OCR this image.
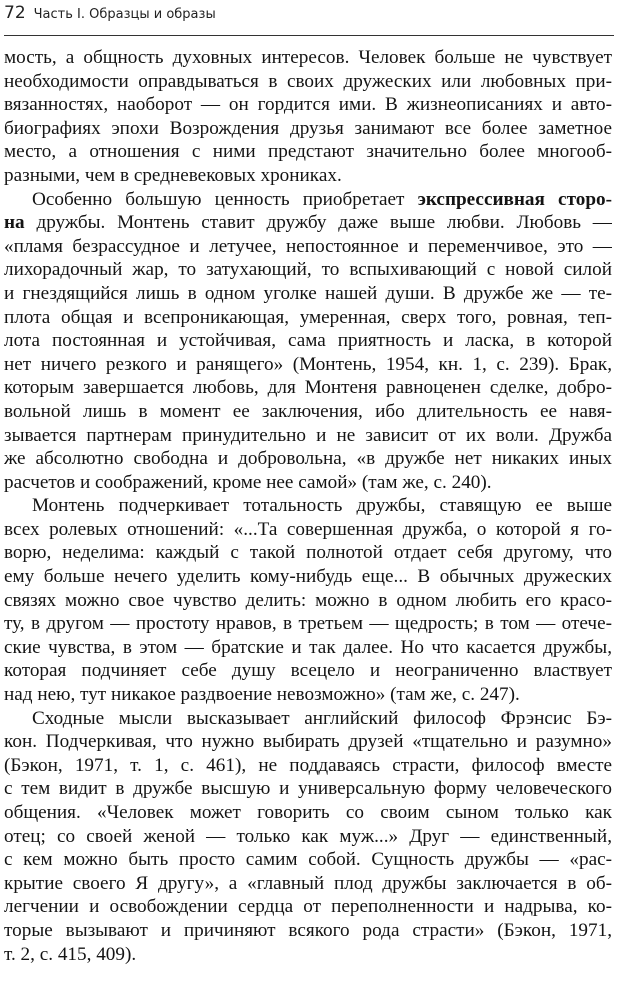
72 Часть I. Образцы и образы

мость, а общность духовных интересов. Человек больше не чувствует
необходимости оправдываться в своих дружеских или любовных при-
вязанностях, наоборот — он гордится ими. В жизнеописаниях и авто-
биографиях эпохи Возрождения друзья занимают все более заметное
место, а отношения с ними предстают значительно более многооб-
разными, чем в средневековых хрониках.

Особенно большую ценность приобретает экспрессивная сторо-
на дружбы. Монтень ставит дружбу даже выше любви. Любовь —
«пламя безрассудное и летучее, непостоянное и переменчивое, это —
лихорадочный жар, то затухающий, то вспыхивающий с новой силой
и гнездящийся лишь в одном уголке нашей души. В дружбе же — те-
плота общая и всепроникающая, умеренная, сверх того, ровная, теп-
лота постоянная и устойчивая, сама приятность и ласка, в которой
нет ничего резкого и ранящего» (Монтень, 1954, кн. 1, с. 239). Брак,
которым завершается любовь, для Монтеня равноценен сделке, добро-
вольной лишь в момент ее заключения, ибо длительность ее навя-
зывается партнерам принудительно и не зависит от их воли. Дружба
же абсолютно свободна и добровольна, «в дружбе нет никаких иных
расчетов и соображений, кроме нее самой» (там же, с. 240).

Монтень подчеркивает тотальность дружбы, ставящую ее выше
всех ролевых отношений: «...Та совершенная дружба, о которой я го-
ворю, неделима: каждый с такой полнотой отдает себя другому, что
ему больше нечего уделить кому-нибудь еще... В обычных дружеских
связях можно свое чувство делить: можно в одном любить его красо-
ту, в другом — простоту нравов, в третьем — щедрость; в том — отече-
ские чувства, в этом — братские и так далее. Но что касается дружбы,
которая подчиняет себе душу всецело и неограниченно властвует
над нею, тут никакое раздвоение невозможно» (там же, с. 247).

Сходные мысли высказывает английский философ Фрэнсис Бэ-
кон. Подчеркивая, что нужно выбирать друзей «тщательно и разумно»
(Бэкон, 1971, т. 1, с. 461), не поддаваясь страсти, философ вместе
с тем видит в дружбе высшую и универсальную форму человеческого
общения. «Человек может говорить со своим сыном только как
отец; со своей женой — только как муж...» Друг — единственный,
с кем можно быть просто самим собой. Сущность дружбы — «рас-
крытие своего Я другу», а «главный плод дружбы заключается в об-
легчении и освобождении сердца от переполненности и надрыва, ко-
торые вызывают и причиняют всякого рода страсти» (Бэкон, 1971,
т. 2, с. 415, 409).
